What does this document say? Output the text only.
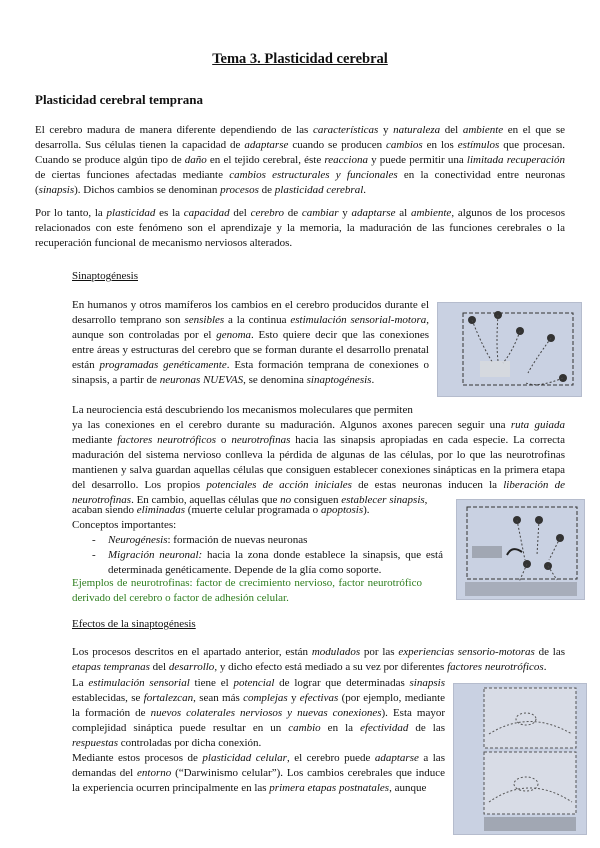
Tema 3. Plasticidad cerebral
Plasticidad cerebral temprana

El cerebro madura de manera diferente dependiendo de las características y naturaleza del ambiente en el que se desarrolla. Sus células tienen la capacidad de adaptarse cuando se producen cambios en los estímulos que procesan. Cuando se produce algún tipo de daño en el tejido cerebral, éste reacciona y puede permitir una limitada recuperación de ciertas funciones afectadas mediante cambios estructurales y funcionales en la conectividad entre neuronas (sinapsis). Dichos cambios se denominan procesos de plasticidad cerebral.

Por lo tanto, la plasticidad es la capacidad del cerebro de cambiar y adaptarse al ambiente, algunos de los procesos relacionados con este fenómeno son el aprendizaje y la memoria, la maduración de las funciones cerebrales o la recuperación funcional de mecanismo nerviosos alterados.

Sinaptogénesis

En humanos y otros mamíferos los cambios en el cerebro producidos durante el desarrollo temprano son sensibles a la continua estimulación sensorial-motora, aunque son controladas por el genoma. Esto quiere decir que las conexiones entre áreas y estructuras del cerebro que se forman durante el desarrollo prenatal están programadas genéticamente. Esta formación temprana de conexiones o sinapsis, a partir de neuronas NUEVAS, se denomina sinaptogénesis.

La neurociencia está descubriendo los mecanismos moleculares que permiten

ya las conexiones en el cerebro durante su maduración. Algunos axones parecen seguir una ruta guiada mediante factores neurotróficos o neurotrofinas hacia las sinapsis apropiadas en cada especie. La correcta maduración del sistema nervioso conlleva la pérdida de algunas de las células, por lo que las neurotrofinas mantienen y salva guardan aquellas células que consiguen establecer conexiones sinápticas en la primera etapa del desarrollo. Los propios potenciales de acción iniciales de estas neuronas inducen la liberación de neurotrofinas. En cambio, aquellas células que no consiguen establecer sinapsis,

acaban siendo eliminadas (muerte celular programada o apoptosis).

Conceptos importantes:

- Neurogénesis: formación de nuevas neuronas

- Migración neuronal: hacia la zona donde establece la sinapsis, que está determinada genéticamente. Depende de la glía como soporte.

Ejemplos de neurotrofinas: factor de crecimiento nervioso, factor neurotrófico derivado del cerebro o factor de adhesión celular.

Efectos de la sinaptogénesis

Los procesos descritos en el apartado anterior, están modulados por las experiencias sensorio-motoras de las etapas tempranas del desarrollo, y dicho efecto está mediado a su vez por diferentes factores neurotróficos.

La estimulación sensorial tiene el potencial de lograr que determinadas sinapsis establecidas, se fortalezcan, sean más complejas y efectivas (por ejemplo, mediante la formación de nuevos colaterales nerviosos y nuevas conexiones). Esta mayor complejidad sináptica puede resultar en un cambio en la efectividad de las respuestas controladas por dicha conexión.

Mediante estos procesos de plasticidad celular, el cerebro puede adaptarse a las demandas del entorno (“Darwinismo celular”). Los cambios cerebrales que induce la experiencia ocurren principalmente en las primera etapas postnatales, aunque
